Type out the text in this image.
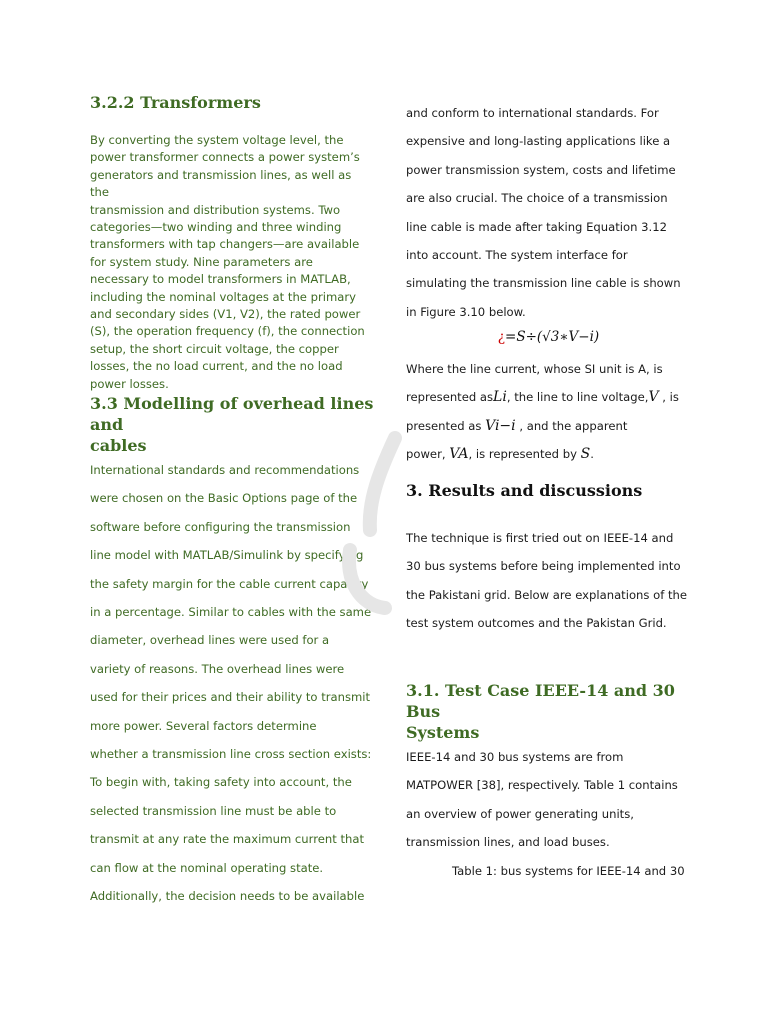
3.2.2 Transformers
By converting the system voltage level, the
power transformer connects a power system’s
generators and transmission lines, as well as the
transmission and distribution systems. Two
categories—two winding and three winding
transformers with tap changers—are available
for system study. Nine parameters are
necessary to model transformers in MATLAB,
including the nominal voltages at the primary
and secondary sides (V1, V2), the rated power
(S), the operation frequency (f), the connection
setup, the short circuit voltage, the copper
losses, the no load current, and the no load
power losses.
3.3 Modelling of overhead lines and
cables
International standards and recommendations
were chosen on the Basic Options page of the
software before configuring the transmission
line model with MATLAB/Simulink by specifying
the safety margin for the cable current capacity
in a percentage. Similar to cables with the same
diameter, overhead lines were used for a
variety of reasons. The overhead lines were
used for their prices and their ability to transmit
more power. Several factors determine
whether a transmission line cross section exists:
To begin with, taking safety into account, the
selected transmission line must be able to
transmit at any rate the maximum current that
can flow at the nominal operating state.
Additionally, the decision needs to be available
and conform to international standards. For
expensive and long-lasting applications like a
power transmission system, costs and lifetime
are also crucial. The choice of a transmission
line cable is made after taking Equation 3.12
into account. The system interface for
simulating the transmission line cable is shown
in Figure 3.10 below.
¿=S÷(√3∗V−i)
Where the line current, whose SI unit is A, is
represented asLi, the line to line voltage,V , is
presented as Vi−i , and the apparent
power, VA, is represented by S.
3. Results and discussions
The technique is first tried out on IEEE-14 and
30 bus systems before being implemented into
the Pakistani grid. Below are explanations of the
test system outcomes and the Pakistan Grid.
3.1. Test Case IEEE-14 and 30 Bus
Systems
IEEE-14 and 30 bus systems are from
MATPOWER [38], respectively. Table 1 contains
an overview of power generating units,
transmission lines, and load buses.
Table 1: bus systems for IEEE-14 and 30
